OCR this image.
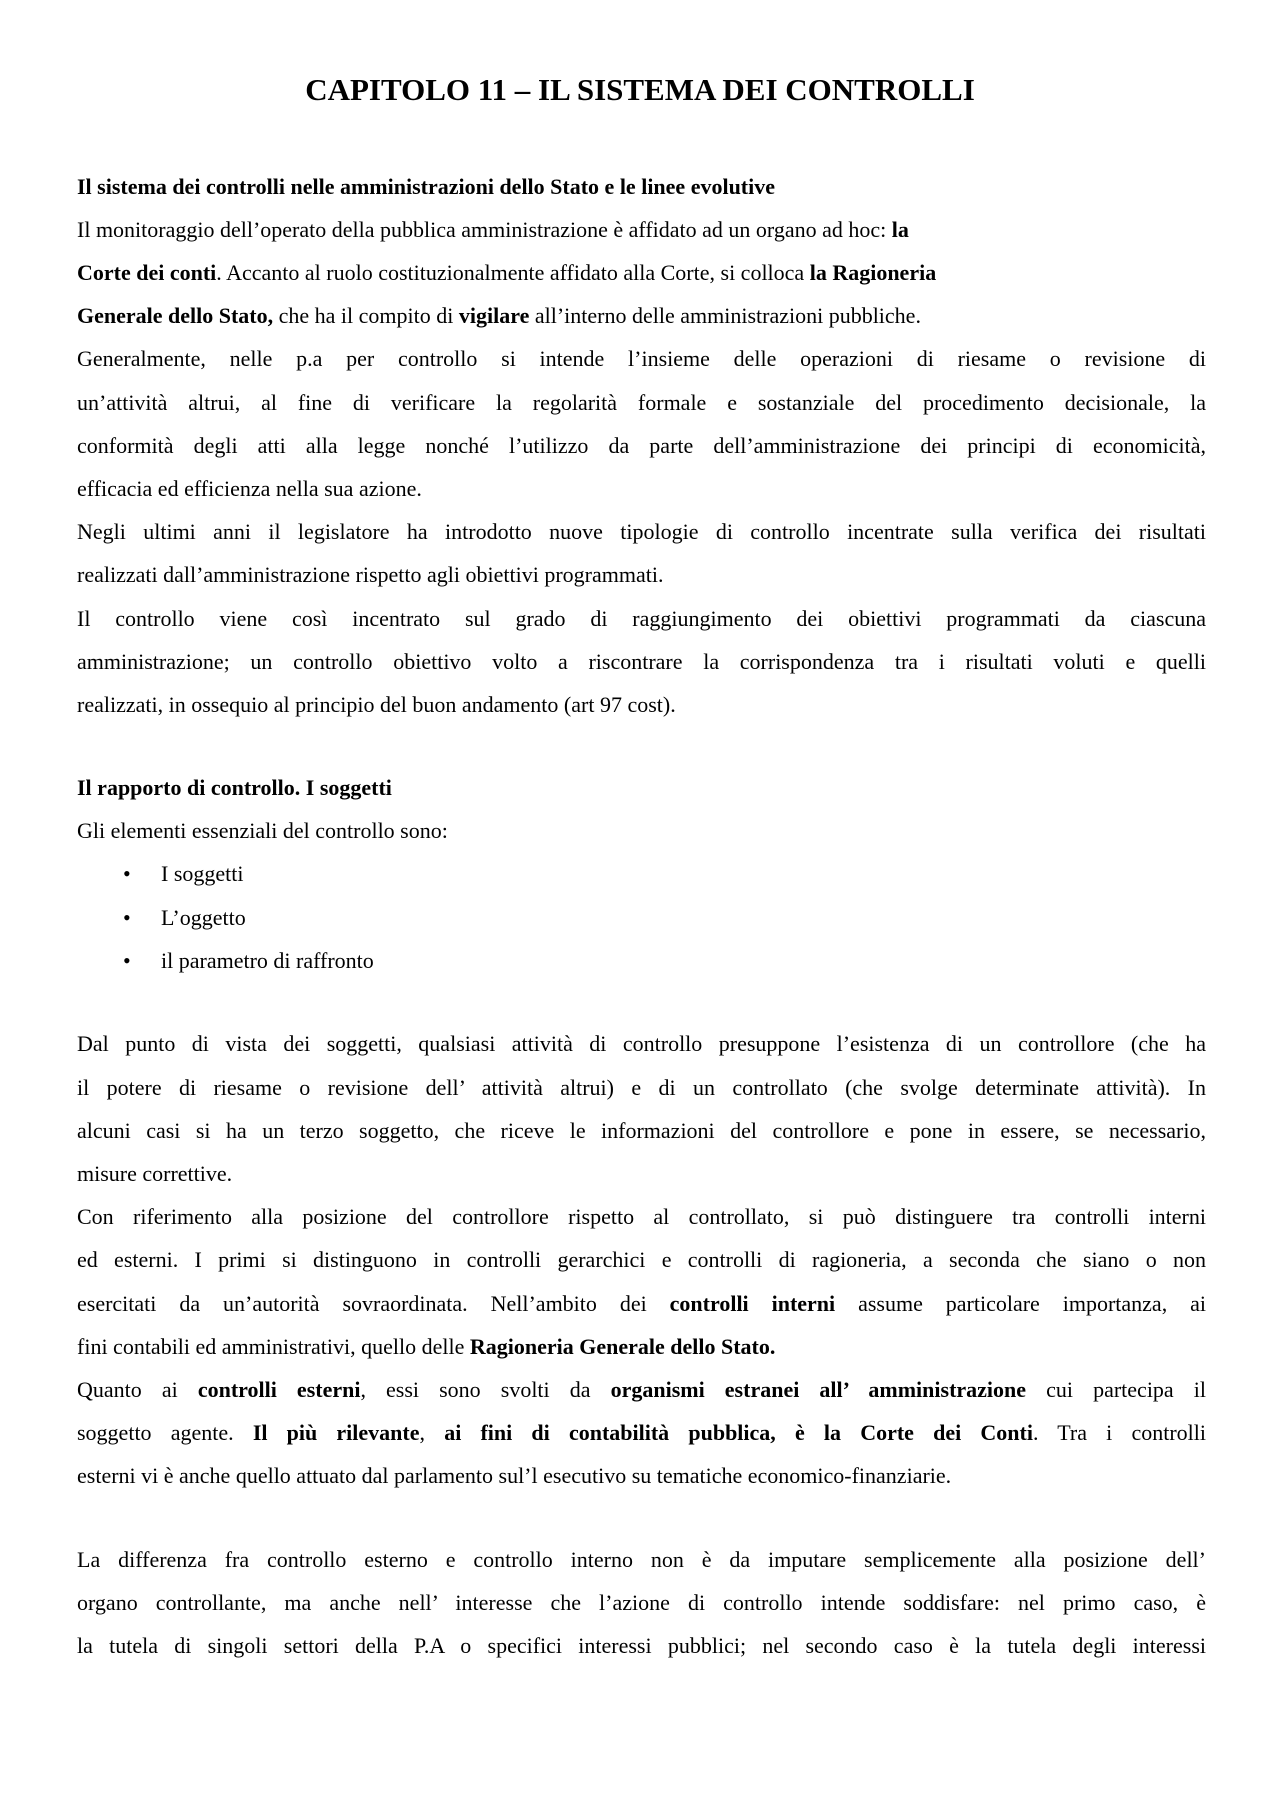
CAPITOLO 11 – IL SISTEMA DEI CONTROLLI
Il sistema dei controlli nelle amministrazioni dello Stato e le linee evolutive
Il monitoraggio dell’operato della pubblica amministrazione è affidato ad un organo ad hoc: la
Corte dei conti. Accanto al ruolo costituzionalmente affidato alla Corte, si colloca la Ragioneria
Generale dello Stato, che ha il compito di vigilare all’interno delle amministrazioni pubbliche.
Generalmente, nelle p.a per controllo si intende l’insieme delle operazioni di riesame o revisione di
un’attività altrui, al fine di verificare la regolarità formale e sostanziale del procedimento decisionale, la
conformità degli atti alla legge nonché l’utilizzo da parte dell’amministrazione dei principi di economicità,
efficacia ed efficienza nella sua azione.
Negli ultimi anni il legislatore ha introdotto nuove tipologie di controllo incentrate sulla verifica dei risultati
realizzati dall’amministrazione rispetto agli obiettivi programmati.
Il controllo viene così incentrato sul grado di raggiungimento dei obiettivi programmati da ciascuna
amministrazione; un controllo obiettivo volto a riscontrare la corrispondenza tra i risultati voluti e quelli
realizzati, in ossequio al principio del buon andamento (art 97 cost).
Il rapporto di controllo. I soggetti
Gli elementi essenziali del controllo sono:
• I soggetti
• L’oggetto
• il parametro di raffronto
Dal punto di vista dei soggetti, qualsiasi attività di controllo presuppone l’esistenza di un controllore (che ha
il potere di riesame o revisione dell’ attività altrui) e di un controllato (che svolge determinate attività). In
alcuni casi si ha un terzo soggetto, che riceve le informazioni del controllore e pone in essere, se necessario,
misure correttive.
Con riferimento alla posizione del controllore rispetto al controllato, si può distinguere tra controlli interni
ed esterni. I primi si distinguono in controlli gerarchici e controlli di ragioneria, a seconda che siano o non
esercitati da un’autorità sovraordinata. Nell’ambito dei controlli interni assume particolare importanza, ai
fini contabili ed amministrativi, quello delle Ragioneria Generale dello Stato.
Quanto ai controlli esterni, essi sono svolti da organismi estranei all’ amministrazione cui partecipa il
soggetto agente. Il più rilevante, ai fini di contabilità pubblica, è la Corte dei Conti. Tra i controlli
esterni vi è anche quello attuato dal parlamento sul’l esecutivo su tematiche economico-finanziarie.
La differenza fra controllo esterno e controllo interno non è da imputare semplicemente alla posizione dell’
organo controllante, ma anche nell’ interesse che l’azione di controllo intende soddisfare: nel primo caso, è
la tutela di singoli settori della P.A o specifici interessi pubblici; nel secondo caso è la tutela degli interessi
